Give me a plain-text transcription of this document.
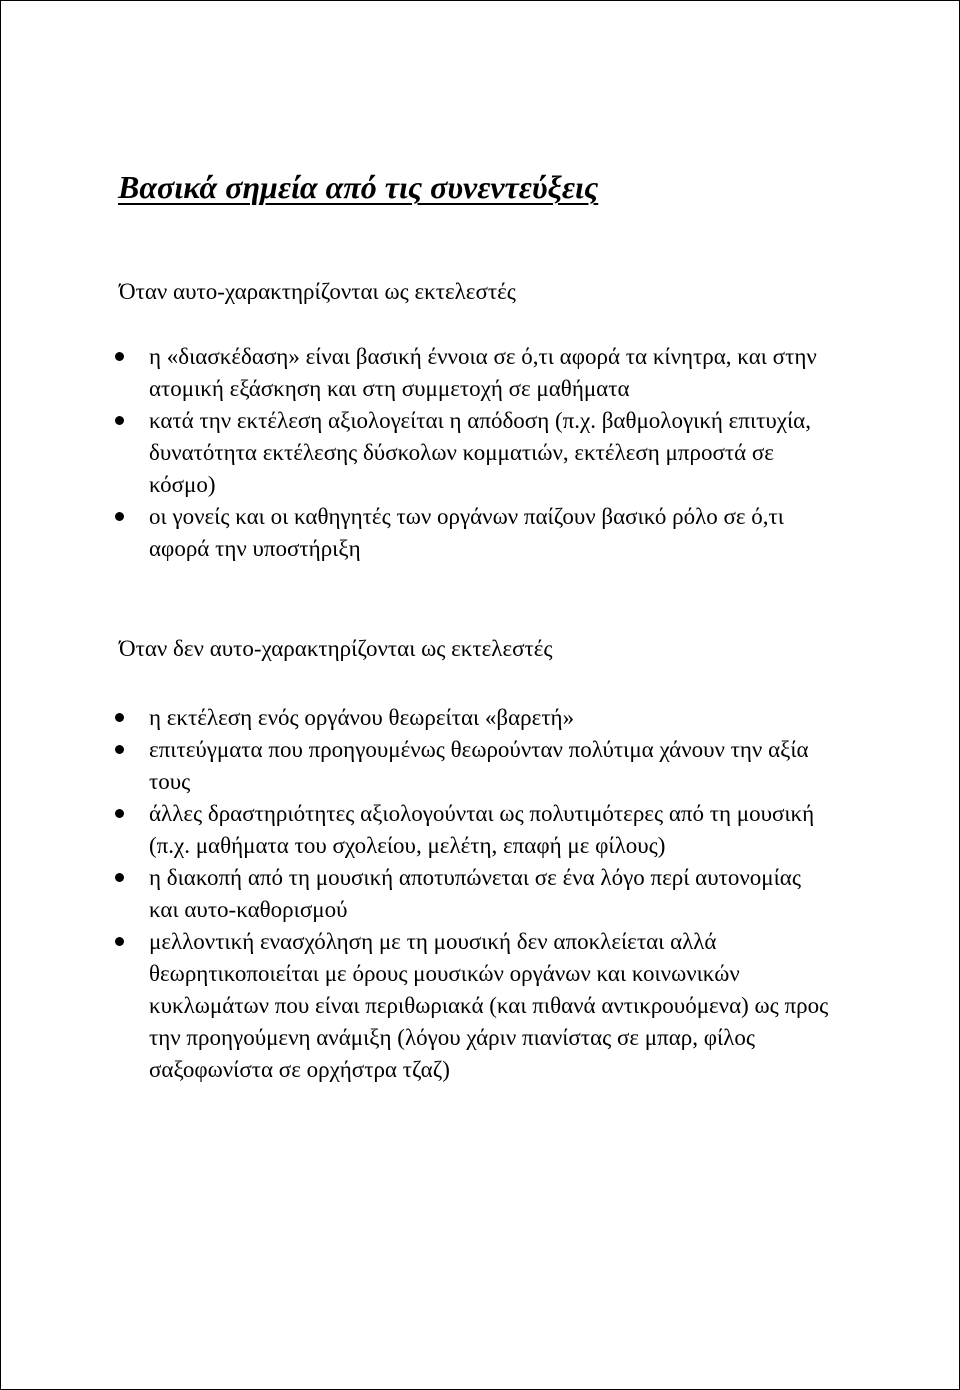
Βασικά σημεία από τις συνεντεύξεις

Όταν αυτο-χαρακτηρίζονται ως εκτελεστές

η «διασκέδαση» είναι βασική έννοια σε ό,τι αφορά τα κίνητρα, και στην ατομική εξάσκηση και στη συμμετοχή σε μαθήματα
κατά την εκτέλεση αξιολογείται η απόδοση (π.χ. βαθμολογική επιτυχία, δυνατότητα εκτέλεσης δύσκολων κομματιών, εκτέλεση μπροστά σε κόσμο)
οι γονείς και οι καθηγητές των οργάνων παίζουν βασικό ρόλο σε ό,τι αφορά την υποστήριξη

Όταν δεν αυτο-χαρακτηρίζονται ως εκτελεστές

η εκτέλεση ενός οργάνου θεωρείται «βαρετή»
επιτεύγματα που προηγουμένως θεωρούνταν πολύτιμα χάνουν την αξία τους
άλλες δραστηριότητες αξιολογούνται ως πολυτιμότερες από τη μουσική (π.χ. μαθήματα του σχολείου, μελέτη, επαφή με φίλους)
η διακοπή από τη μουσική αποτυπώνεται σε ένα λόγο περί αυτονομίας και αυτο-καθορισμού
μελλοντική ενασχόληση με τη μουσική δεν αποκλείεται αλλά θεωρητικοποιείται με όρους μουσικών οργάνων και κοινωνικών κυκλωμάτων που είναι περιθωριακά (και πιθανά αντικρουόμενα) ως προς την προηγούμενη ανάμιξη (λόγου χάριν πιανίστας σε μπαρ, φίλος σαξοφωνίστα σε ορχήστρα τζαζ)
